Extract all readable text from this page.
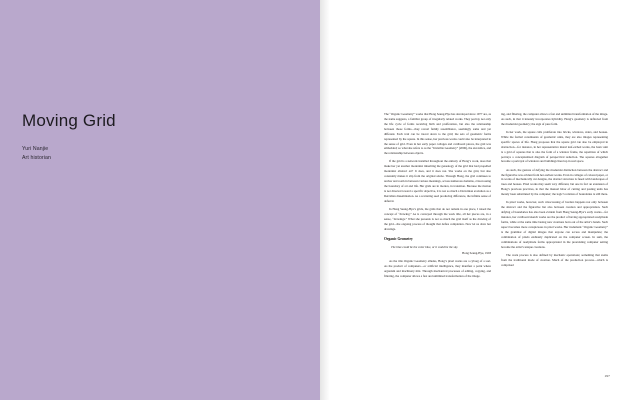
Moving Grid

Yuri Nanjie

Art historian

The “Organic Geometry” works that Hong Seung-Hye has developed since 1977 are, as the name suggests, a familiar group of irregularly related works. They portray not only the life cycle of forms receiving birth and profferation, but also the relationship between those forms—they reveal family resemblance, seemingly same and yet different. Each trait can be traced down to the grid; the sets of geometric forms represented by the square. In this sense, her previous works could also be interpreted in the sense of grid. Even in her early paper collages and cardboard pieces, the grid was embedded; so what she refers to as the “Invisible Geometry” (2006), the ski-lattice, and the relationship between objects.

If the grid is a network installed throughout the entirety of Hong’s work, does that make her yet another modernist inheriting the genealogy of the grid that had propelled modernist abstract art? It does, and it does not. She works on the grid, but also constantly makes it slip from the original adobe. Through Hong, the grid continues to anchor and roam in between various meanings, across numerous domains, crisscrossing the boundary of art and life. Her grids are in motion, in transition. Because the motion is not directed toward a specific objective, it is not so much a Darwinian evolution as a Derridian dissemination. As a scattering seed producing difference, the infinite sense of deferral.

In Hong Seung-Hye’s grids, the grids that do not remain in one place, I raised the concept of “drawing.” As is conveyed through the work title, all her pieces are, in a sense, “drawings.” What she presents is not so much the grid itself as the drawing of the grid—the ongoing process of thought that defies completion. Now let us draw her drawings.

Organic Geometry

The blue could be the color blue, or it could be the sky.
Hong Seung-Hye, 1993

As the title Organic Geometry alludes, Hong’s pixel works are a cyborg of a sort. As the product of computers—or artificial intelligence, they manifest a point where organism and machinery mix. Through mechanical processes of editing, copying, and filtering, the computer allows a fast and unlimited transformation of the image.

ing, and filtering, the computer allows a fast and unlimited transformation of the image. As such, in that it innately incorporates hybridity, Hong’s geometry is deflected from the modernist geometry; the sign of pure form.

In her work, the square calls proliferate into bricks, windows, stairs, and houses. While the formal constituents of geometric units, they are also images representing specific spaces of life. Hong proposes that the square grid can also be employed in abstraction—for instance, in her representative mural leaf-etched works, the basic unit is a grid of squares that is also the form of a window frame, the repetition of which portrays a conceptualized diagram of perspectival reduction. The squares altogether become a portrayal of windows and buildings lined up in real space.

As such, the gesture of defying the modernist distinction between the abstract and the figurative was evident from her earliest works. Even in collages of colored paper, or in works of mechanically cut designs, the abstract structure is fused with landscapes of trees and houses. Pixel works may seem very different, but one in fact an extension of Hong’s previous practices, in that the manual labor of cutting and pasting units has merely been substituted by the computer; the logic’s relation of boundaries is still there.

In pixel works, however, such crisscrossing of borders happens not only between the abstract and the figurative but also between creation and appropriation. Such defying of boundaries has also been evident from Hong Seung-Hye’s early works—for instance, her cardboard sketch works are the product of having appropriated readymade forms, while at the same time basing new creations born out of the artist’s hands. Such aspect becomes more conspicuous in pixel works. Her trademark “Organic Geometry” is the grammar of digital images that anyone can access and manipulate; the combination of pixels endlessly duplicated on the computer screen. In sum, the combinations of readymade forms appropriated in the preexisting computer setting become the artist’s unique creations.

The work process is also defined by mechanic operations; something that stems from the traditional mode of creation. Much of the production process—which is comprised

197
